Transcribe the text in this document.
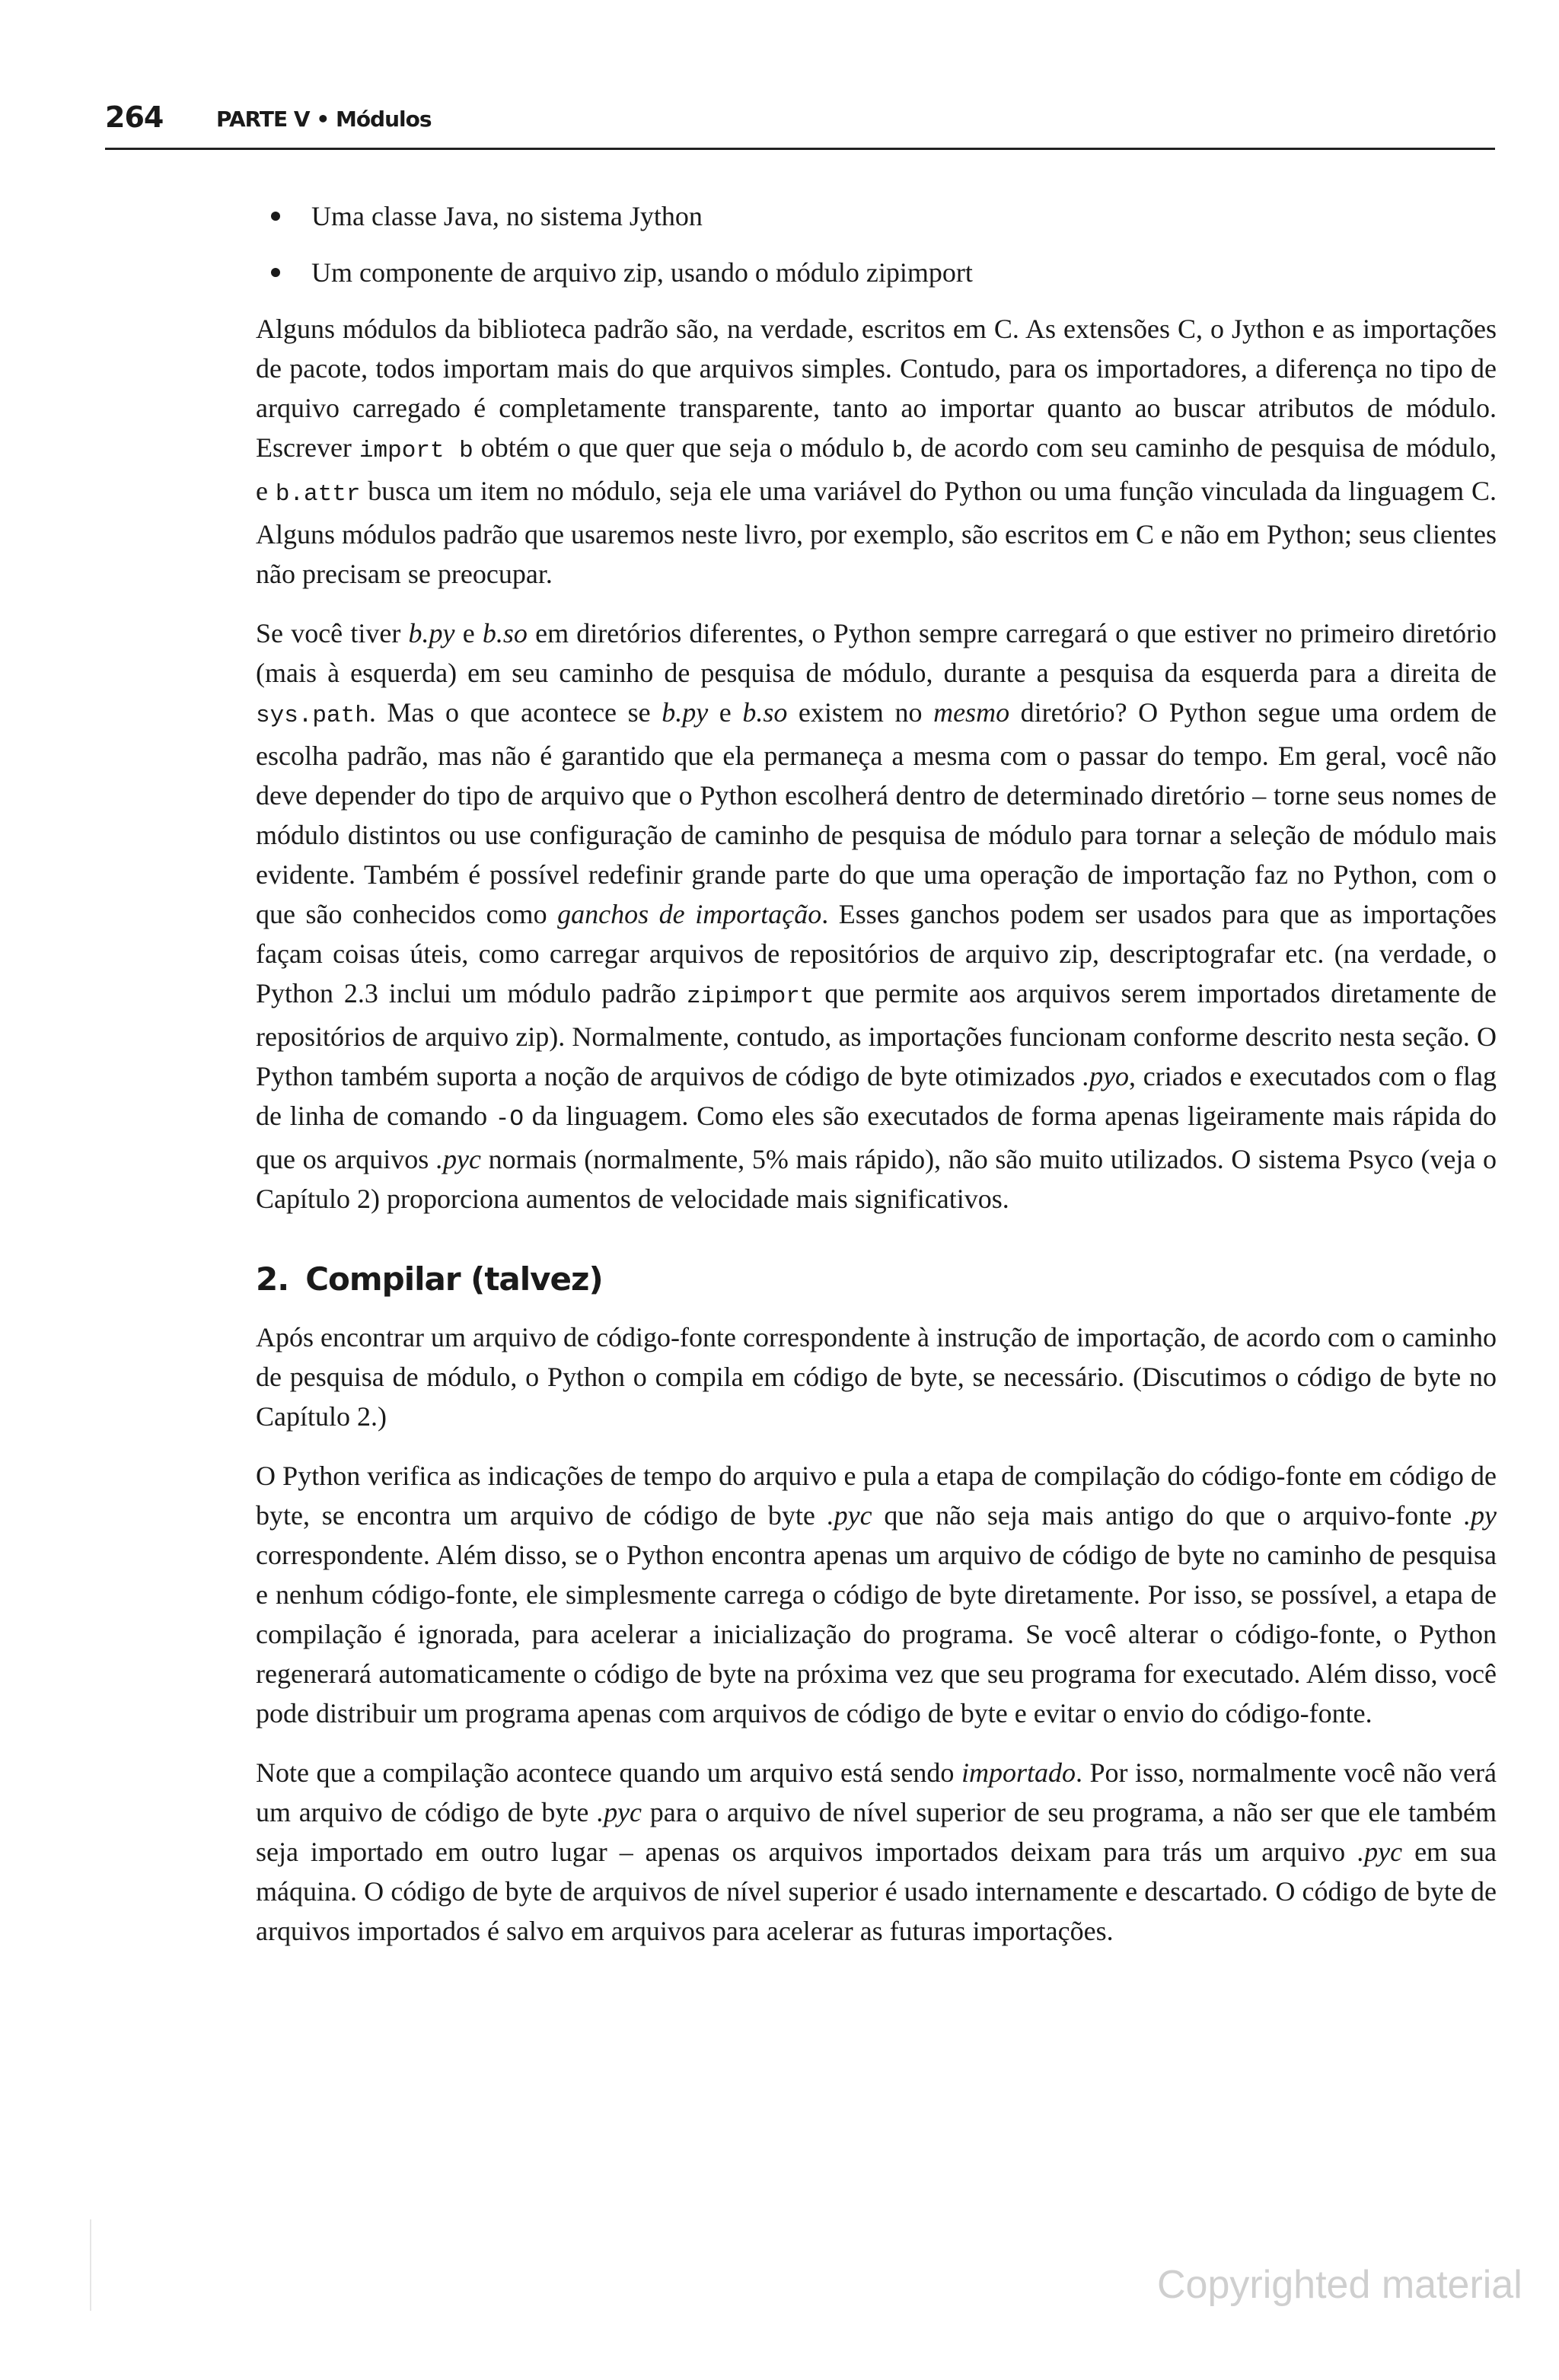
264 PARTE V • Módulos
Uma classe Java, no sistema Jython
Um componente de arquivo zip, usando o módulo zipimport

Alguns módulos da biblioteca padrão são, na verdade, escritos em C. As extensões C, o Jython e as importações de pacote, todos importam mais do que arquivos simples. Contudo, para os importadores, a diferença no tipo de arquivo carregado é completamente transparente, tanto ao importar quanto ao buscar atributos de módulo. Escrever import b obtém o que quer que seja o módulo b, de acordo com seu caminho de pesquisa de módulo, e b.attr busca um item no módulo, seja ele uma variável do Python ou uma função vinculada da linguagem C. Alguns módulos padrão que usaremos neste livro, por exemplo, são escritos em C e não em Python; seus clientes não precisam se preocupar.

Se você tiver b.py e b.so em diretórios diferentes, o Python sempre carregará o que estiver no primeiro diretório (mais à esquerda) em seu caminho de pesquisa de módulo, durante a pesquisa da esquerda para a direita de sys.path. Mas o que acontece se b.py e b.so existem no mesmo diretório? O Python segue uma ordem de escolha padrão, mas não é garantido que ela permaneça a mesma com o passar do tempo. Em geral, você não deve depender do tipo de arquivo que o Python escolherá dentro de determinado diretório – torne seus nomes de módulo distintos ou use configuração de caminho de pesquisa de módulo para tornar a seleção de módulo mais evidente. Também é possível redefinir grande parte do que uma operação de importação faz no Python, com o que são conhecidos como ganchos de importação. Esses ganchos podem ser usados para que as importações façam coisas úteis, como carregar arquivos de repositórios de arquivo zip, descriptografar etc. (na verdade, o Python 2.3 inclui um módulo padrão zipimport que permite aos arquivos serem importados diretamente de repositórios de arquivo zip). Normalmente, contudo, as importações funcionam conforme descrito nesta seção. O Python também suporta a noção de arquivos de código de byte otimizados .pyo, criados e executados com o flag de linha de comando -O da linguagem. Como eles são executados de forma apenas ligeiramente mais rápida do que os arquivos .pyc normais (normalmente, 5% mais rápido), não são muito utilizados. O sistema Psyco (veja o Capítulo 2) proporciona aumentos de velocidade mais significativos.

2. Compilar (talvez)

Após encontrar um arquivo de código-fonte correspondente à instrução de importação, de acordo com o caminho de pesquisa de módulo, o Python o compila em código de byte, se necessário. (Discutimos o código de byte no Capítulo 2.)

O Python verifica as indicações de tempo do arquivo e pula a etapa de compilação do código-fonte em código de byte, se encontra um arquivo de código de byte .pyc que não seja mais antigo do que o arquivo-fonte .py correspondente. Além disso, se o Python encontra apenas um arquivo de código de byte no caminho de pesquisa e nenhum código-fonte, ele simplesmente carrega o código de byte diretamente. Por isso, se possível, a etapa de compilação é ignorada, para acelerar a inicialização do programa. Se você alterar o código-fonte, o Python regenerará automaticamente o código de byte na próxima vez que seu programa for executado. Além disso, você pode distribuir um programa apenas com arquivos de código de byte e evitar o envio do código-fonte.

Note que a compilação acontece quando um arquivo está sendo importado. Por isso, normalmente você não verá um arquivo de código de byte .pyc para o arquivo de nível superior de seu programa, a não ser que ele também seja importado em outro lugar – apenas os arquivos importados deixam para trás um arquivo .pyc em sua máquina. O código de byte de arquivos de nível superior é usado internamente e descartado. O código de byte de arquivos importados é salvo em arquivos para acelerar as futuras importações.

Copyrighted material
